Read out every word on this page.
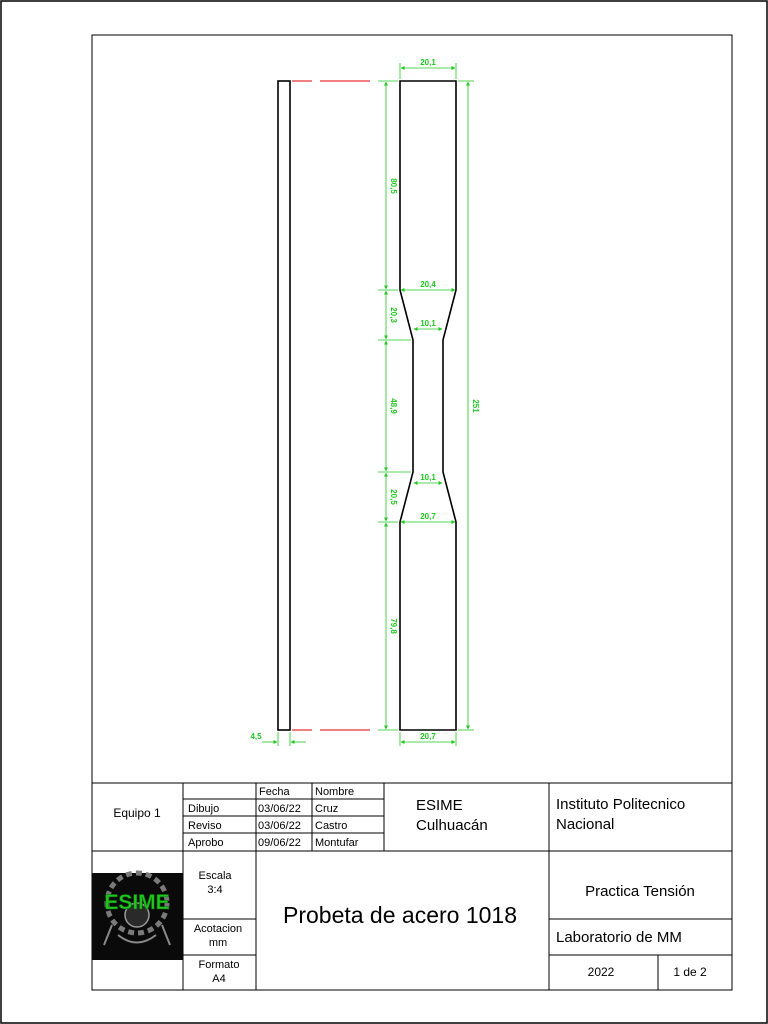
20,1
20,4
10,1
10,1
20,7
20,7
4,5
80,5
20,3
48,9
20,5
79,8
251
Equipo 1
Fecha Nombre
Dibujo	03/06/22 Cruz
Reviso	03/06/22 Castro
Aprobo	09/06/22 Montufar
ESIME
Culhuacán
Instituto Politecnico
Nacional
ESIME
Escala
3:4
Acotacion
mm
Formato
A4
Probeta de acero 1018
Practica Tensión
Laboratorio de MM
2022	1 de 2
